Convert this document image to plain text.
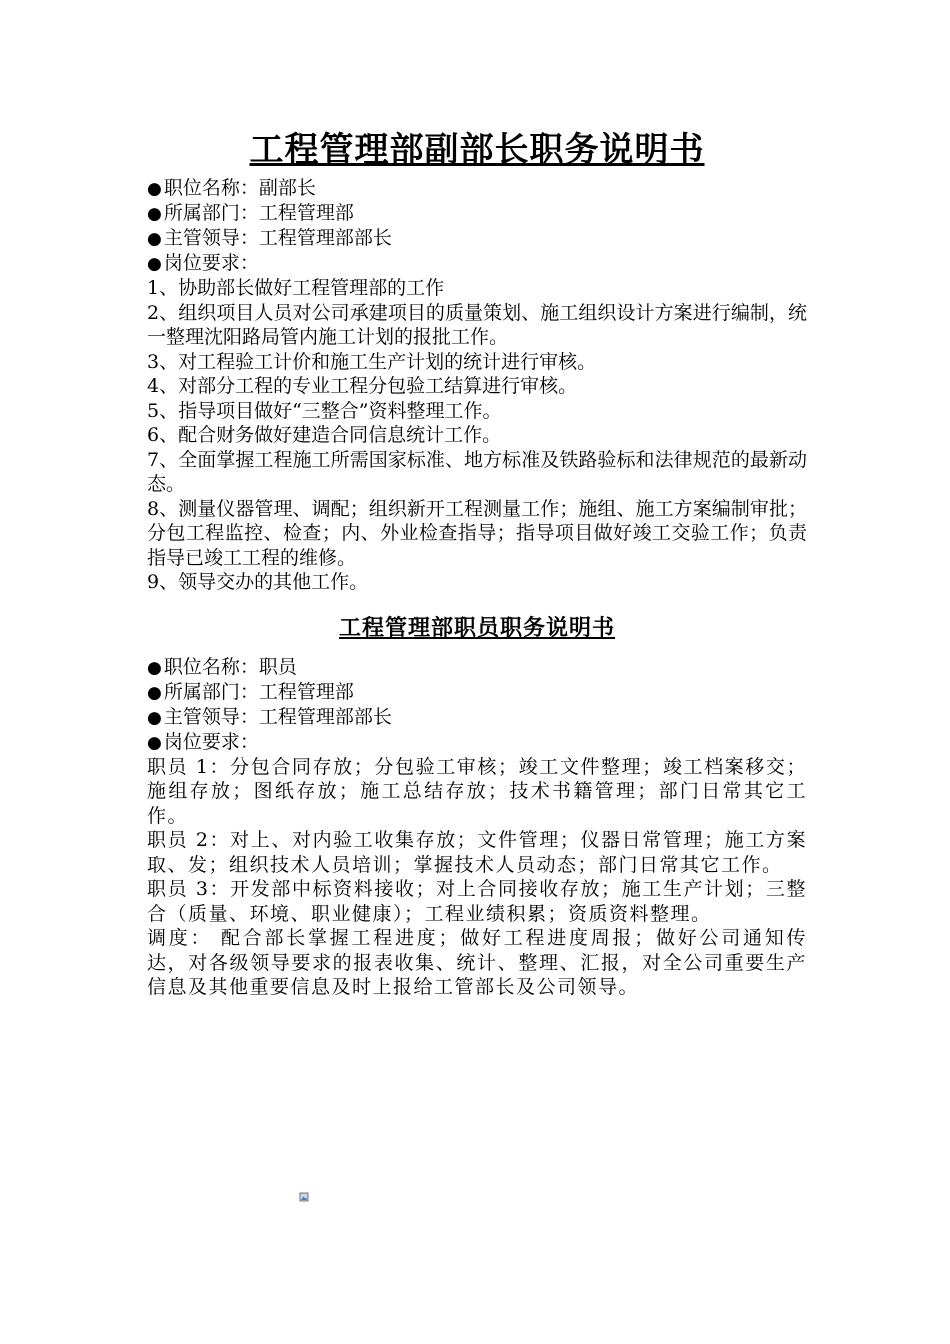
工程管理部副部长职务说明书
● 职位名称：副部长
● 所属部门：工程管理部
● 主管领导：工程管理部部长
● 岗位要求：
1、协助部长做好工程管理部的工作
2、组织项目人员对公司承建项目的质量策划、施工组织设计方案进行编制，统一整理沈阳路局管内施工计划的报批工作。
3、对工程验工计价和施工生产计划的统计进行审核。
4、对部分工程的专业工程分包验工结算进行审核。
5、指导项目做好“三整合”资料整理工作。
6、配合财务做好建造合同信息统计工作。
7、全面掌握工程施工所需国家标准、地方标准及铁路验标和法律规范的最新动态。
8、测量仪器管理、调配；组织新开工程测量工作；施组、施工方案编制审批；分包工程监控、检查；内、外业检查指导；指导项目做好竣工交验工作；负责指导已竣工工程的维修。
9、领导交办的其他工作。
工程管理部职员职务说明书
● 职位名称：职员
● 所属部门：工程管理部
● 主管领导：工程管理部部长
● 岗位要求：
职员 1：分包合同存放；分包验工审核；竣工文件整理；竣工档案移交；施组存放；图纸存放；施工总结存放；技术书籍管理；部门日常其它工作。
职员 2：对上、对内验工收集存放；文件管理；仪器日常管理；施工方案取、发；组织技术人员培训；掌握技术人员动态；部门日常其它工作。
职员 3：开发部中标资料接收；对上合同接收存放；施工生产计划；三整合（质量、环境、职业健康）；工程业绩积累；资质资料整理。
调度： 配合部长掌握工程进度；做好工程进度周报；做好公司通知传达，对各级领导要求的报表收集、统计、整理、汇报，对全公司重要生产信息及其他重要信息及时上报给工管部长及公司领导。
